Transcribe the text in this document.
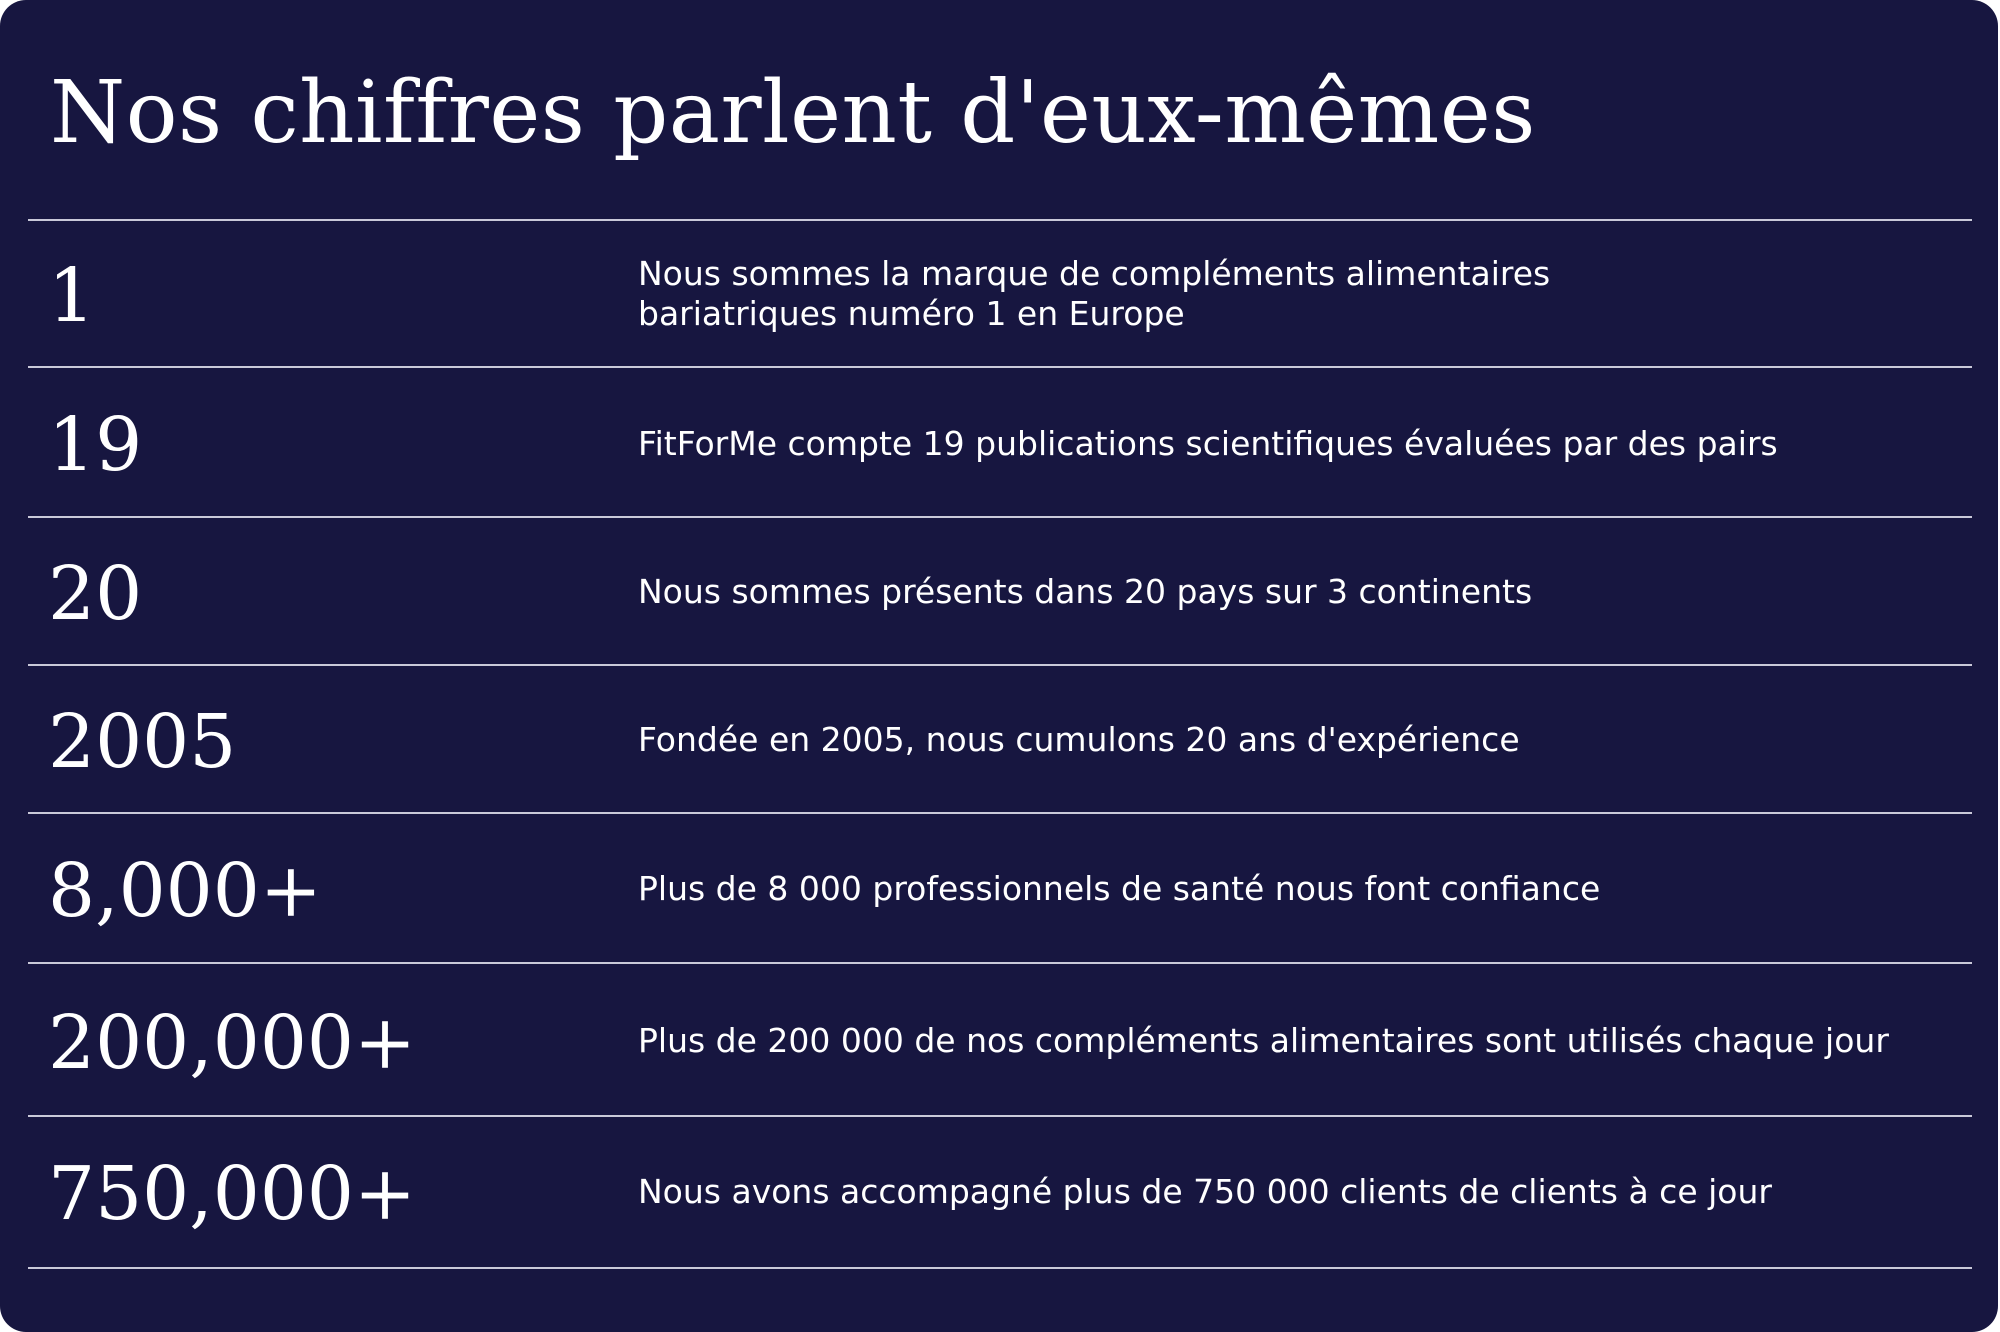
Nos chiffres parlent d'eux-mêmes
1	Nous sommes la marque de compléments alimentaires
bariatriques numéro 1 en Europe
19	FitForMe compte 19 publications scientifiques évaluées par des pairs
20	Nous sommes présents dans 20 pays sur 3 continents
2005	Fondée en 2005, nous cumulons 20 ans d'expérience
8,000+	Plus de 8 000 professionnels de santé nous font confiance
200,000+	Plus de 200 000 de nos compléments alimentaires sont utilisés chaque jour
750,000+	Nous avons accompagné plus de 750 000 clients de clients à ce jour
